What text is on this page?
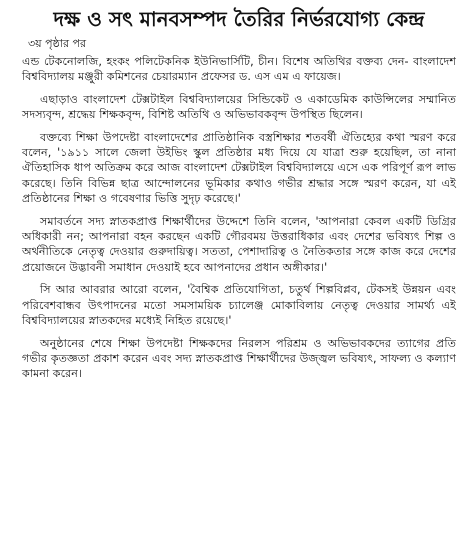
দক্ষ ও সৎ মানবসম্পদ তৈরির নির্ভরযোগ্য কেন্দ্র
৩য় পৃষ্ঠার পর

এন্ড টেকনোলজি, হংকং পলিটেকনিক ইউনিভার্সিটি, চীন। বিশেষ অতিথির বক্তব্য দেন- বাংলাদেশ বিশ্ববিদ্যালয় মঞ্জুরী কমিশনের চেয়ারম্যান প্রফেসর ড. এস এম এ ফায়েজ।

এছাড়াও বাংলাদেশ টেক্সটাইল বিশ্ববিদ্যালয়ের সিন্ডিকেট ও একাডেমিক কাউন্সিলের সম্মানিত সদস্যবৃন্দ, শ্রদ্ধেয় শিক্ষকবৃন্দ, বিশিষ্ট অতিথি ও অভিভাবকবৃন্দ উপস্থিত ছিলেন।

বক্তব্যে শিক্ষা উপদেষ্টা বাংলাদেশের প্রাতিষ্ঠানিক বস্ত্রশিক্ষার শতবর্ষী ঐতিহ্যের কথা স্মরণ করে বলেন, '১৯১১ সালে জেলা উইভিং স্কুল প্রতিষ্ঠার মধ্য দিয়ে যে যাত্রা শুরু হয়েছিল, তা নানা ঐতিহাসিক ধাপ অতিক্রম করে আজ বাংলাদেশ টেক্সটাইল বিশ্ববিদ্যালয়ে এসে এক পরিপূর্ণ রূপ লাভ করেছে। তিনি বিভিন্ন ছাত্র আন্দোলনের ভূমিকার কথাও গভীর শ্রদ্ধার সঙ্গে স্মরণ করেন, যা এই প্রতিষ্ঠানের শিক্ষা ও গবেষণার ভিত্তি সুদৃঢ় করেছে।'

সমাবর্তনে সদ্য স্নাতকপ্রাপ্ত শিক্ষার্থীদের উদ্দেশে তিনি বলেন, 'আপনারা কেবল একটি ডিগ্রির অধিকারী নন; আপনারা বহন করছেন একটি গৌরবময় উত্তরাধিকার এবং দেশের ভবিষ্যৎ শিল্প ও অর্থনীতিকে নেতৃত্ব দেওয়ার গুরুদায়িত্ব। সততা, পেশাদারিত্ব ও নৈতিকতার সঙ্গে কাজ করে দেশের প্রয়োজনে উদ্ভাবনী সমাধান দেওয়াই হবে আপনাদের প্রধান অঙ্গীকার।'

সি আর আবরার আরো বলেন, 'বৈশ্বিক প্রতিযোগিতা, চতুর্থ শিল্পবিপ্লব, টেকসই উন্নয়ন এবং পরিবেশবান্ধব উৎপাদনের মতো সমসাময়িক চ্যালেঞ্জ মোকাবিলায় নেতৃত্ব দেওয়ার সামর্থ্য এই বিশ্ববিদ্যালয়ের স্নাতকদের মধ্যেই নিহিত রয়েছে।'

অনুষ্ঠানের শেষে শিক্ষা উপদেষ্টা শিক্ষকদের নিরলস পরিশ্রম ও অভিভাবকদের ত্যাগের প্রতি গভীর কৃতজ্ঞতা প্রকাশ করেন এবং সদ্য স্নাতকপ্রাপ্ত শিক্ষার্থীদের উজ্জ্বল ভবিষ্যৎ, সাফল্য ও কল্যাণ কামনা করেন।
